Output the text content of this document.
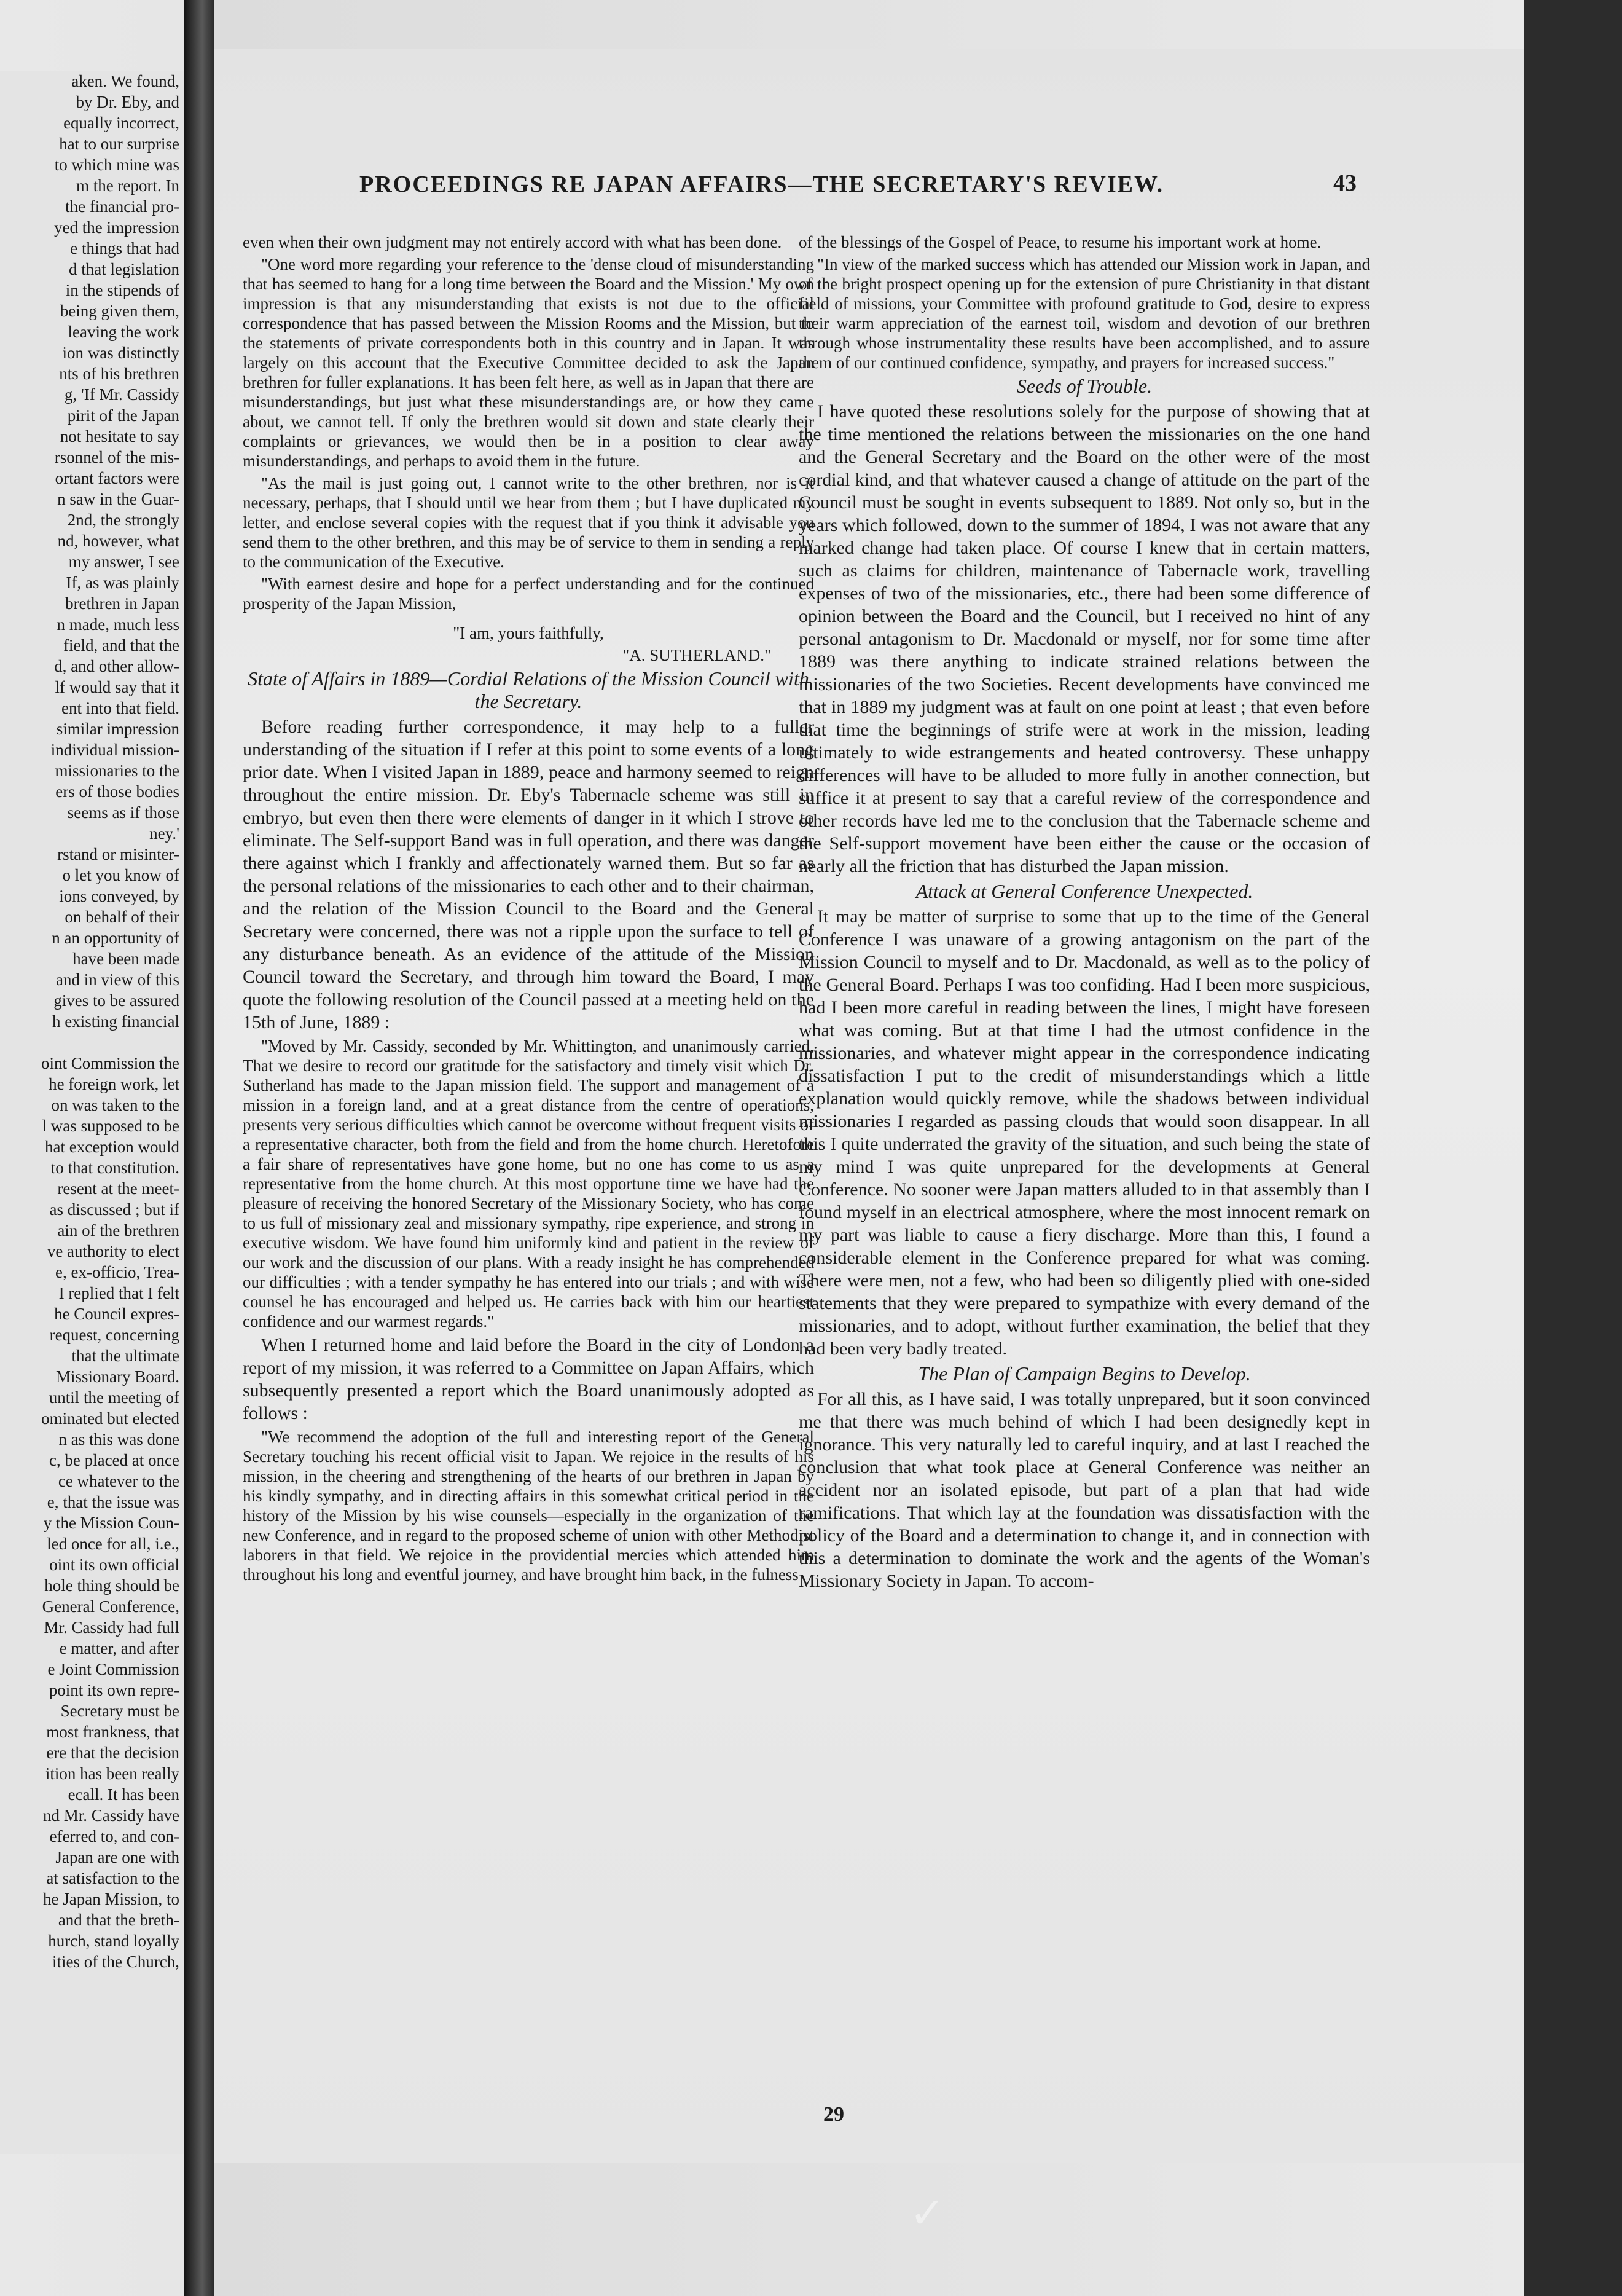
aken. We found,

by Dr. Eby, and

equally incorrect,

hat to our surprise

to which mine was

m the report. In

the financial pro-

yed the impression

e things that had

d that legislation

in the stipends of

being given them,

leaving the work

ion was distinctly

nts of his brethren

g, 'If Mr. Cassidy

pirit of the Japan

not hesitate to say

rsonnel of the mis-

ortant factors were

n saw in the Guar-

2nd, the strongly

nd, however, what

my answer, I see

If, as was plainly

brethren in Japan

n made, much less

field, and that the

d, and other allow-

lf would say that it

ent into that field.

similar impression

individual mission-

missionaries to the

ers of those bodies

seems as if those

ney.'

rstand or misinter-

o let you know of

ions conveyed, by

on behalf of their

n an opportunity of

have been made

and in view of this

gives to be assured

h existing financial

oint Commission the

he foreign work, let

on was taken to the

l was supposed to be

hat exception would

to that constitution.

resent at the meet-

as discussed ; but if

ain of the brethren

ve authority to elect

e, ex-officio, Trea-

I replied that I felt

he Council expres-

request, concerning

that the ultimate

Missionary Board.

until the meeting of

ominated but elected

n as this was done

c, be placed at once

ce whatever to the

e, that the issue was

y the Mission Coun-

led once for all, i.e.,

oint its own official

hole thing should be

General Conference,

Mr. Cassidy had full

e matter, and after

e Joint Commission

point its own repre-

Secretary must be

most frankness, that

ere that the decision

ition has been really

ecall. It has been

nd Mr. Cassidy have

eferred to, and con-

Japan are one with

at satisfaction to the

he Japan Mission, to

and that the breth-

hurch, stand loyally

ities of the Church,

PROCEEDINGS RE JAPAN AFFAIRS—THE SECRETARY'S REVIEW.	43

even when their own judgment may not entirely accord with what has been done.

"One word more regarding your reference to the 'dense cloud of misunderstanding that has seemed to hang for a long time between the Board and the Mission.' My own impression is that any misunderstanding that exists is not due to the official correspondence that has passed between the Mission Rooms and the Mission, but to the statements of private correspondents both in this country and in Japan. It was largely on this account that the Executive Committee decided to ask the Japan brethren for fuller explanations. It has been felt here, as well as in Japan that there are misunderstandings, but just what these misunderstandings are, or how they came about, we cannot tell. If only the brethren would sit down and state clearly their complaints or grievances, we would then be in a position to clear away misunderstandings, and perhaps to avoid them in the future.

"As the mail is just going out, I cannot write to the other brethren, nor is it necessary, perhaps, that I should until we hear from them ; but I have duplicated my letter, and enclose several copies with the request that if you think it advisable you send them to the other brethren, and this may be of service to them in sending a reply to the communication of the Executive.

"With earnest desire and hope for a perfect understanding and for the continued prosperity of the Japan Mission,

"I am, yours faithfully,

"A. SUTHERLAND."

State of Affairs in 1889—Cordial Relations of the Mission Council with the Secretary.

Before reading further correspondence, it may help to a fuller understanding of the situation if I refer at this point to some events of a long prior date. When I visited Japan in 1889, peace and harmony seemed to reign throughout the entire mission. Dr. Eby's Tabernacle scheme was still in embryo, but even then there were elements of danger in it which I strove to eliminate. The Self-support Band was in full operation, and there was danger there against which I frankly and affectionately warned them. But so far as the personal relations of the missionaries to each other and to their chairman, and the relation of the Mission Council to the Board and the General Secretary were concerned, there was not a ripple upon the surface to tell of any disturbance beneath. As an evidence of the attitude of the Mission Council toward the Secretary, and through him toward the Board, I may quote the following resolution of the Council passed at a meeting held on the 15th of June, 1889 :

"Moved by Mr. Cassidy, seconded by Mr. Whittington, and unanimously carried, That we desire to record our gratitude for the satisfactory and timely visit which Dr. Sutherland has made to the Japan mission field. The support and management of a mission in a foreign land, and at a great distance from the centre of operations, presents very serious difficulties which cannot be overcome without frequent visits of a representative character, both from the field and from the home church. Heretofore a fair share of representatives have gone home, but no one has come to us as a representative from the home church. At this most opportune time we have had the pleasure of receiving the honored Secretary of the Missionary Society, who has come to us full of missionary zeal and missionary sympathy, ripe experience, and strong in executive wisdom. We have found him uniformly kind and patient in the review of our work and the discussion of our plans. With a ready insight he has comprehended our difficulties ; with a tender sympathy he has entered into our trials ; and with wise counsel he has encouraged and helped us. He carries back with him our heartiest confidence and our warmest regards."

When I returned home and laid before the Board in the city of London a report of my mission, it was referred to a Committee on Japan Affairs, which subsequently presented a report which the Board unanimously adopted as follows :

"We recommend the adoption of the full and interesting report of the General Secretary touching his recent official visit to Japan. We rejoice in the results of his mission, in the cheering and strengthening of the hearts of our brethren in Japan by his kindly sympathy, and in directing affairs in this somewhat critical period in the history of the Mission by his wise counsels—especially in the organization of the new Conference, and in regard to the proposed scheme of union with other Methodist laborers in that field. We rejoice in the providential mercies which attended him throughout his long and eventful journey, and have brought him back, in the fulness

of the blessings of the Gospel of Peace, to resume his important work at home.

"In view of the marked success which has attended our Mission work in Japan, and of the bright prospect opening up for the extension of pure Christianity in that distant field of missions, your Committee with profound gratitude to God, desire to express their warm appreciation of the earnest toil, wisdom and devotion of our brethren through whose instrumentality these results have been accomplished, and to assure them of our continued confidence, sympathy, and prayers for increased success."

Seeds of Trouble.

I have quoted these resolutions solely for the purpose of showing that at the time mentioned the relations between the missionaries on the one hand and the General Secretary and the Board on the other were of the most cordial kind, and that whatever caused a change of attitude on the part of the Council must be sought in events subsequent to 1889. Not only so, but in the years which followed, down to the summer of 1894, I was not aware that any marked change had taken place. Of course I knew that in certain matters, such as claims for children, maintenance of Tabernacle work, travelling expenses of two of the missionaries, etc., there had been some difference of opinion between the Board and the Council, but I received no hint of any personal antagonism to Dr. Macdonald or myself, nor for some time after 1889 was there anything to indicate strained relations between the missionaries of the two Societies. Recent developments have convinced me that in 1889 my judgment was at fault on one point at least ; that even before that time the beginnings of strife were at work in the mission, leading ultimately to wide estrangements and heated controversy. These unhappy differences will have to be alluded to more fully in another connection, but suffice it at present to say that a careful review of the correspondence and other records have led me to the conclusion that the Tabernacle scheme and the Self-support movement have been either the cause or the occasion of nearly all the friction that has disturbed the Japan mission.

Attack at General Conference Unexpected.

It may be matter of surprise to some that up to the time of the General Conference I was unaware of a growing antagonism on the part of the Mission Council to myself and to Dr. Macdonald, as well as to the policy of the General Board. Perhaps I was too confiding. Had I been more suspicious, had I been more careful in reading between the lines, I might have foreseen what was coming. But at that time I had the utmost confidence in the missionaries, and whatever might appear in the correspondence indicating dissatisfaction I put to the credit of misunderstandings which a little explanation would quickly remove, while the shadows between individual missionaries I regarded as passing clouds that would soon disappear. In all this I quite underrated the gravity of the situation, and such being the state of my mind I was quite unprepared for the developments at General Conference. No sooner were Japan matters alluded to in that assembly than I found myself in an electrical atmosphere, where the most innocent remark on my part was liable to cause a fiery discharge. More than this, I found a considerable element in the Conference prepared for what was coming. There were men, not a few, who had been so diligently plied with one-sided statements that they were prepared to sympathize with every demand of the missionaries, and to adopt, without further examination, the belief that they had been very badly treated.

The Plan of Campaign Begins to Develop.

For all this, as I have said, I was totally unprepared, but it soon convinced me that there was much behind of which I had been designedly kept in ignorance. This very naturally led to careful inquiry, and at last I reached the conclusion that what took place at General Conference was neither an accident nor an isolated episode, but part of a plan that had wide ramifications. That which lay at the foundation was dissatisfaction with the policy of the Board and a determination to change it, and in connection with this a determination to dominate the work and the agents of the Woman's Missionary Society in Japan. To accom-

29
✓
